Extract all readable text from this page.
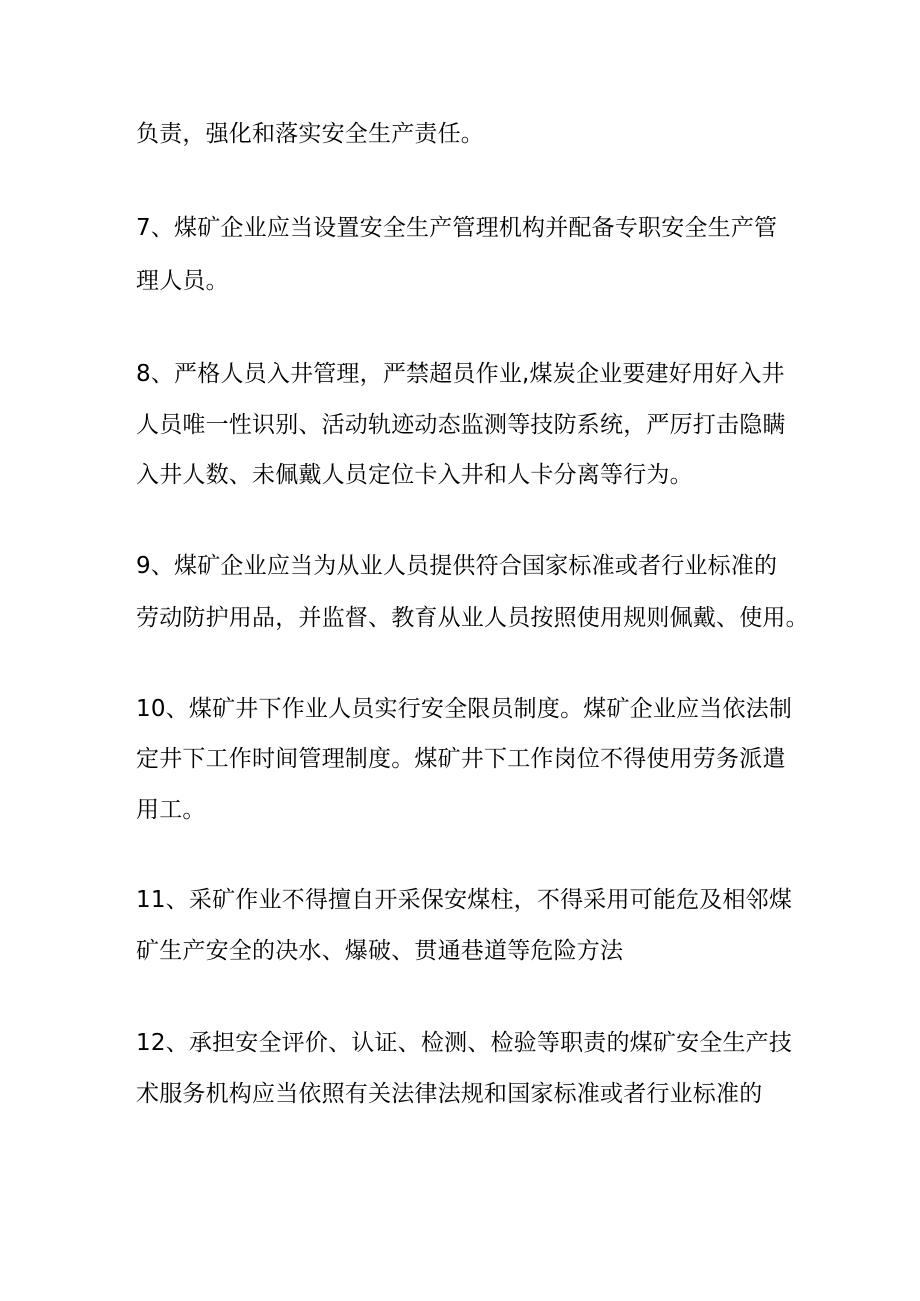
负责，强化和落实安全生产责任。
7、煤矿企业应当设置安全生产管理机构并配备专职安全生产管
理人员。
8、严格人员入井管理，严禁超员作业,煤炭企业要建好用好入井
人员唯一性识别、活动轨迹动态监测等技防系统，严厉打击隐瞒
入井人数、未佩戴人员定位卡入井和人卡分离等行为。
9、煤矿企业应当为从业人员提供符合国家标准或者行业标准的
劳动防护用品，并监督、教育从业人员按照使用规则佩戴、使用。
10、煤矿井下作业人员实行安全限员制度。煤矿企业应当依法制
定井下工作时间管理制度。煤矿井下工作岗位不得使用劳务派遣
用工。
11、采矿作业不得擅自开采保安煤柱，不得采用可能危及相邻煤
矿生产安全的决水、爆破、贯通巷道等危险方法
12、承担安全评价、认证、检测、检验等职责的煤矿安全生产技
术服务机构应当依照有关法律法规和国家标准或者行业标准的
